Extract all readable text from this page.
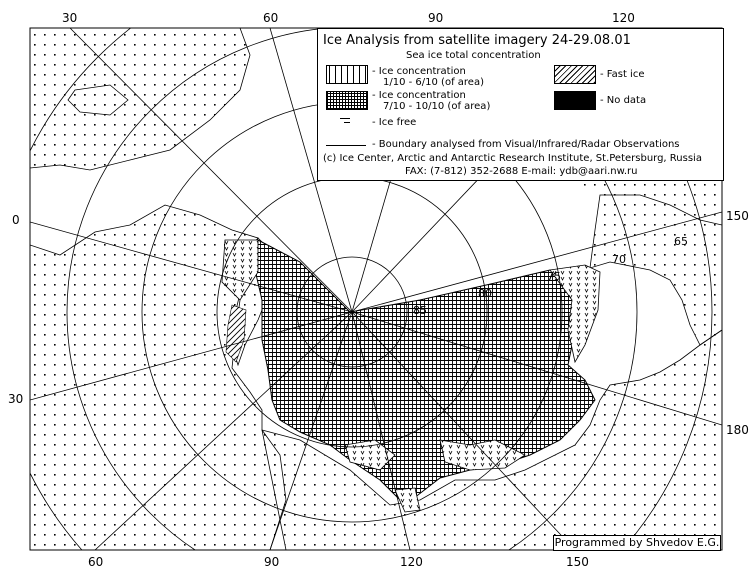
30	60	90	120
60	90	120	150
0
30
150
180
65
70
75
80
85
Ice Analysis from satellite imagery 24-29.08.01
Sea ice total concentration
- Ice concentration
1/10 - 6/10 (of area)
- Ice concentration
7/10 - 10/10 (of area)
- Ice free
- Fast ice
- No data
- Boundary analysed from Visual/Infrared/Radar Observations
(c) Ice Center, Arctic and Antarctic Research Institute, St.Petersburg, Russia
FAX: (7-812) 352-2688 E-mail: ydb@aari.nw.ru
Programmed by Shvedov E.G.
